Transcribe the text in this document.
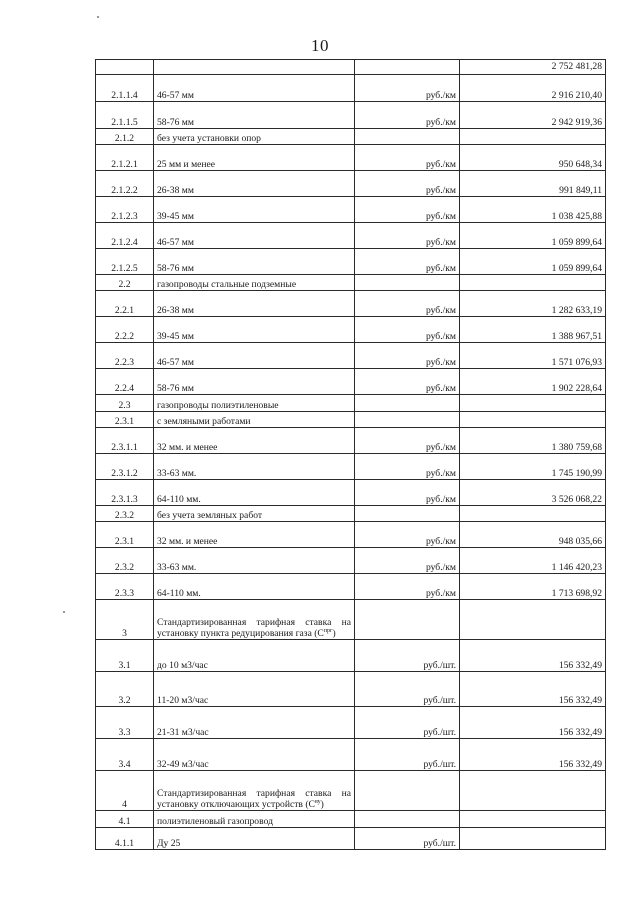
10
			2 752 481,28
2.1.1.4	46-57 мм	руб./км	2 916 210,40
2.1.1.5	58-76 мм	руб./км	2 942 919,36
2.1.2	без учета установки опор		
2.1.2.1	25 мм и менее	руб./км	950 648,34
2.1.2.2	26-38 мм	руб./км	991 849,11
2.1.2.3	39-45 мм	руб./км	1 038 425,88
2.1.2.4	46-57 мм	руб./км	1 059 899,64
2.1.2.5	58-76 мм	руб./км	1 059 899,64
2.2	газопроводы стальные подземные		
2.2.1	26-38 мм	руб./км	1 282 633,19
2.2.2	39-45 мм	руб./км	1 388 967,51
2.2.3	46-57 мм	руб./км	1 571 076,93
2.2.4	58-76 мм	руб./км	1 902 228,64
2.3	газопроводы полиэтиленовые		
2.3.1	с земляными работами		
2.3.1.1	32 мм. и менее	руб./км	1 380 759,68
2.3.1.2	33-63 мм.	руб./км	1 745 190,99
2.3.1.3	64-110 мм.	руб./км	3 526 068,22
2.3.2	без учета земляных работ		
2.3.1	32 мм. и менее	руб./км	948 035,66
2.3.2	33-63 мм.	руб./км	1 146 420,23
2.3.3	64-110 мм.	руб./км	1 713 698,92
3	Стандартизированная тарифная ставка на установку пункта редуцирования газа $(С^{прг})$		
3.1	до 10 м3/час	руб./шт.	156 332,49
3.2	11-20 м3/час	руб./шт.	156 332,49
3.3	21-31 м3/час	руб./шт.	156 332,49
3.4	32-49 м3/час	руб./шт.	156 332,49
4	Стандартизированная тарифная ставка на установку отключающих устройств $(С^{ву})$		
4.1	полиэтиленовый газопровод		
4.1.1	Ду 25	руб./шт.	
